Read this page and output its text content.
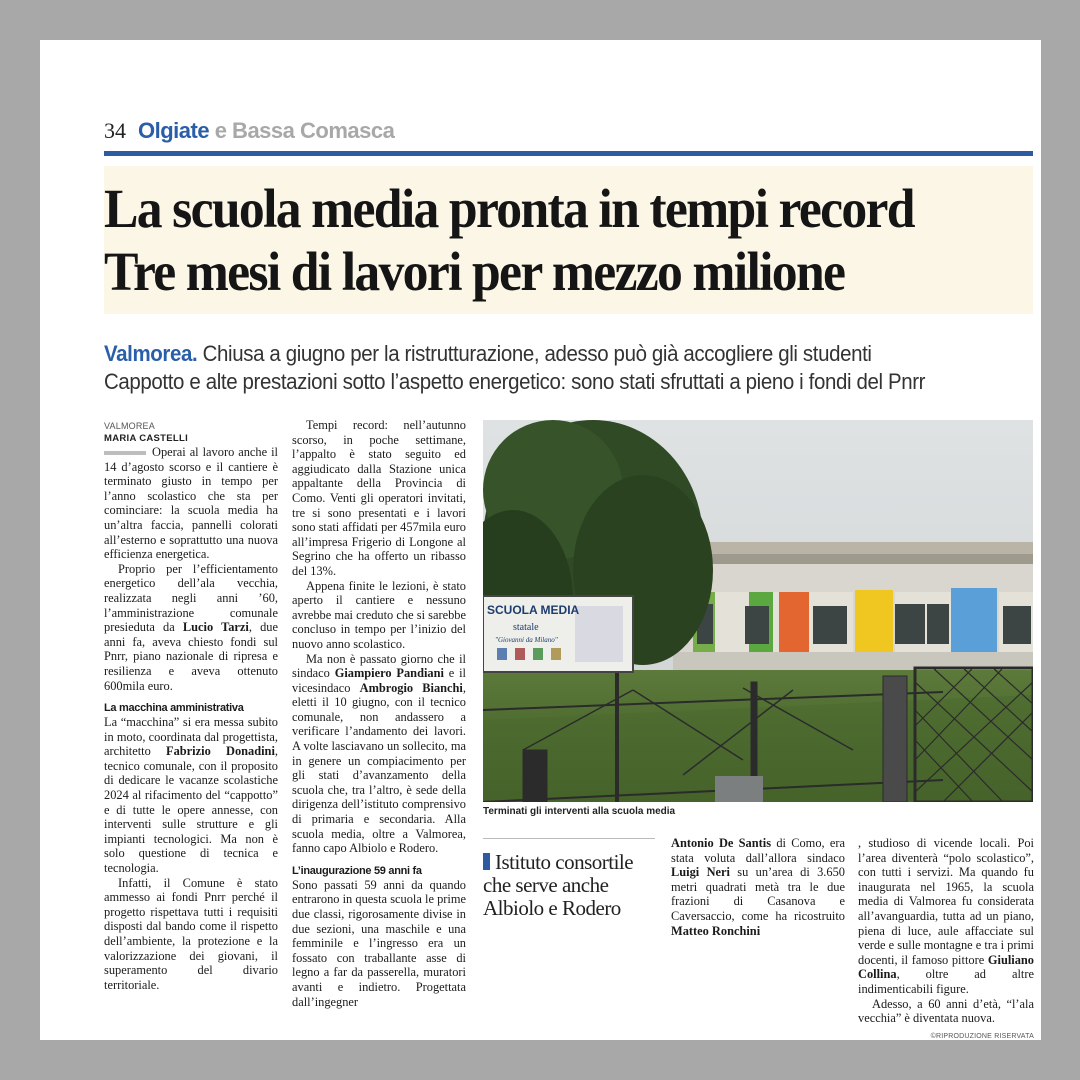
34 Olgiate e Bassa Comasca
La scuola media pronta in tempi record
Tre mesi di lavori per mezzo milione
Valmorea. Chiusa a giugno per la ristrutturazione, adesso può già accogliere gli studenti
Cappotto e alte prestazioni sotto l’aspetto energetico: sono stati sfruttati a pieno i fondi del Pnrr
VALMOREA
MARIA CASTELLI

Operai al lavoro anche il 14 d’agosto scorso e il cantiere è terminato giusto in tempo per l’anno scolastico che sta per cominciare: la scuola media ha un’altra faccia, pannelli colorati all’esterno e soprattutto una nuova efficienza energetica.

Proprio per l’efficientamento energetico dell’ala vecchia, realizzata negli anni ’60, l’amministrazione comunale presieduta da Lucio Tarzi, due anni fa, aveva chiesto fondi sul Pnrr, piano nazionale di ripresa e resilienza e aveva ottenuto 600mila euro.

La macchina amministrativa

La “macchina” si era messa subito in moto, coordinata dal progettista, architetto Fabrizio Donadini, tecnico comunale, con il proposito di dedicare le vacanze scolastiche 2024 al rifacimento del “cappotto” e di tutte le opere annesse, con interventi sulle strutture e gli impianti tecnologici. Ma non è solo questione di tecnica e tecnologia.

Infatti, il Comune è stato ammesso ai fondi Pnrr perché il progetto rispettava tutti i requisiti disposti dal bando come il rispetto dell’ambiente, la protezione e la valorizzazione dei giovani, il superamento del divario territoriale.

Tempi record: nell’autunno scorso, in poche settimane, l’appalto è stato seguito ed aggiudicato dalla Stazione unica appaltante della Provincia di Como. Venti gli operatori invitati, tre si sono presentati e i lavori sono stati affidati per 457mila euro all’impresa Frigerio di Longone al Segrino che ha offerto un ribasso del 13%.

Appena finite le lezioni, è stato aperto il cantiere e nessuno avrebbe mai creduto che si sarebbe concluso in tempo per l’inizio del nuovo anno scolastico.

Ma non è passato giorno che il sindaco Giampiero Pandiani e il vicesindaco Ambrogio Bianchi, eletti il 10 giugno, con il tecnico comunale, non andassero a verificare l’andamento dei lavori. A volte lasciavano un sollecito, ma in genere un compiacimento per gli stati d’avanzamento della scuola che, tra l’altro, è sede della dirigenza dell’istituto comprensivo di primaria e secondaria. Alla scuola media, oltre a Valmorea, fanno capo Albiolo e Rodero.

L’inaugurazione 59 anni fa

Sono passati 59 anni da quando entrarono in questa scuola le prime due classi, rigorosamente divise in due sezioni, una maschile e una femminile e l’ingresso era un fossato con traballante asse di legno a far da passerella, muratori avanti e indietro. Progettata dall’ingegner

SCUOLA MEDIA
statale
"Giovanni da Milano"
Terminati gli interventi alla scuola media
Istituto consortile che serve anche Albiolo e Rodero

Antonio De Santis di Como, era stata voluta dall’allora sindaco Luigi Neri su un’area di 3.650 metri quadrati metà tra le due frazioni di Casanova e Caversaccio, come ha ricostruito Matteo Ronchini

, studioso di vicende locali. Poi l’area diventerà “polo scolastico”, con tutti i servizi. Ma quando fu inaugurata nel 1965, la scuola media di Valmorea fu considerata all’avanguardia, tutta ad un piano, piena di luce, aule affacciate sul verde e sulle montagne e tra i primi docenti, il famoso pittore Giuliano Collina, oltre ad altre indimenticabili figure.

Adesso, a 60 anni d’età, “l’ala vecchia” è diventata nuova.

©RIPRODUZIONE RISERVATA
